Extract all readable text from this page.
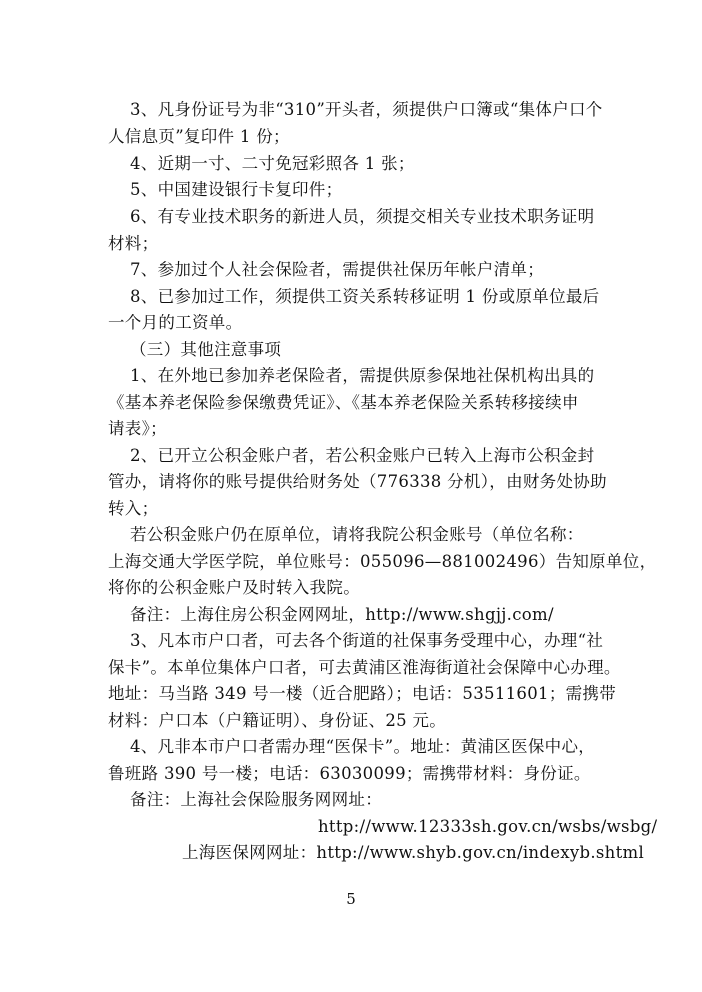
3、凡身份证号为非“310”开头者，须提供户口簿或“集体户口个
人信息页”复印件 1 份；
4、近期一寸、二寸免冠彩照各 1 张；
5、中国建设银行卡复印件；
6、有专业技术职务的新进人员，须提交相关专业技术职务证明
材料；
7、参加过个人社会保险者，需提供社保历年帐户清单；
8、已参加过工作，须提供工资关系转移证明 1 份或原单位最后
一个月的工资单。
（三）其他注意事项
1、在外地已参加养老保险者，需提供原参保地社保机构出具的
《基本养老保险参保缴费凭证》、《基本养老保险关系转移接续申
请表》；
2、已开立公积金账户者，若公积金账户已转入上海市公积金封
管办，请将你的账号提供给财务处（776338 分机），由财务处协助
转入；
若公积金账户仍在原单位，请将我院公积金账号（单位名称：
上海交通大学医学院，单位账号：055096—881002496）告知原单位，
将你的公积金账户及时转入我院。
备注：上海住房公积金网网址，http://www.shgjj.com/
3、凡本市户口者，可去各个街道的社保事务受理中心，办理“社
保卡”。本单位集体户口者，可去黄浦区淮海街道社会保障中心办理。
地址：马当路 349 号一楼（近合肥路）；电话：53511601；需携带
材料：户口本（户籍证明）、身份证、25 元。
4、凡非本市户口者需办理“医保卡”。地址：黄浦区医保中心，
鲁班路 390 号一楼；电话：63030099；需携带材料：身份证。
备注：上海社会保险服务网网址：
http://www.12333sh.gov.cn/wsbs/wsbg/
上海医保网网址：http://www.shyb.gov.cn/indexyb.shtml
5
